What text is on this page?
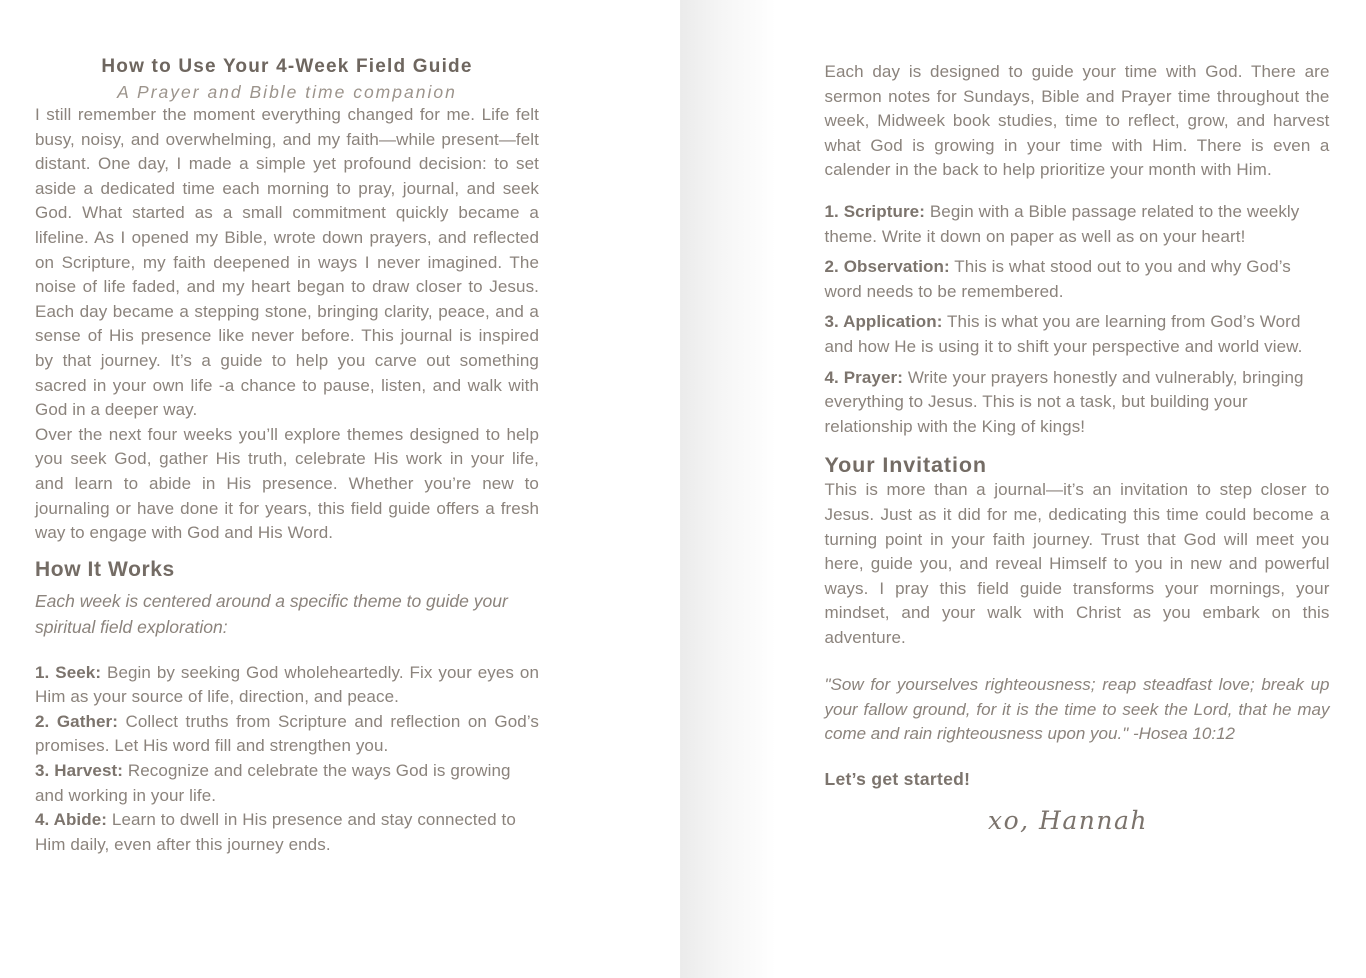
How to Use Your 4-Week Field Guide
A Prayer and Bible time companion

I still remember the moment everything changed for me. Life felt busy, noisy, and overwhelming, and my faith—while present—felt distant. One day, I made a simple yet profound decision: to set aside a dedicated time each morning to pray, journal, and seek God. What started as a small commitment quickly became a lifeline. As I opened my Bible, wrote down prayers, and reflected on Scripture, my faith deepened in ways I never imagined. The noise of life faded, and my heart began to draw closer to Jesus. Each day became a stepping stone, bringing clarity, peace, and a sense of His presence like never before. This journal is inspired by that journey. It’s a guide to help you carve out something sacred in your own life -a chance to pause, listen, and walk with God in a deeper way.

Over the next four weeks you’ll explore themes designed to help you seek God, gather His truth, celebrate His work in your life, and learn to abide in His presence. Whether you’re new to journaling or have done it for years, this field guide offers a fresh way to engage with God and His Word.

How It Works

Each week is centered around a specific theme to guide your spiritual field exploration:

1. Seek: Begin by seeking God wholeheartedly. Fix your eyes on Him as your source of life, direction, and peace.

2. Gather: Collect truths from Scripture and reflection on God’s promises. Let His word fill and strengthen you.

3. Harvest: Recognize and celebrate the ways God is growing and working in your life.

4. Abide: Learn to dwell in His presence and stay connected to Him daily, even after this journey ends.

Each day is designed to guide your time with God. There are sermon notes for Sundays, Bible and Prayer time throughout the week, Midweek book studies, time to reflect, grow, and harvest what God is growing in your time with Him. There is even a calender in the back to help prioritize your month with Him.

1. Scripture: Begin with a Bible passage related to the weekly theme. Write it down on paper as well as on your heart!

2. Observation: This is what stood out to you and why God’s word needs to be remembered.

3. Application: This is what you are learning from God’s Word and how He is using it to shift your perspective and world view.

4. Prayer: Write your prayers honestly and vulnerably, bringing everything to Jesus. This is not a task, but building your relationship with the King of kings!

Your Invitation

This is more than a journal—it’s an invitation to step closer to Jesus. Just as it did for me, dedicating this time could become a turning point in your faith journey. Trust that God will meet you here, guide you, and reveal Himself to you in new and powerful ways. I pray this field guide transforms your mornings, your mindset, and your walk with Christ as you embark on this adventure.

"Sow for yourselves righteousness; reap steadfast love; break up your fallow ground, for it is the time to seek the Lord, that he may come and rain righteousness upon you." -Hosea 10:12

Let’s get started!

xo, Hannah
